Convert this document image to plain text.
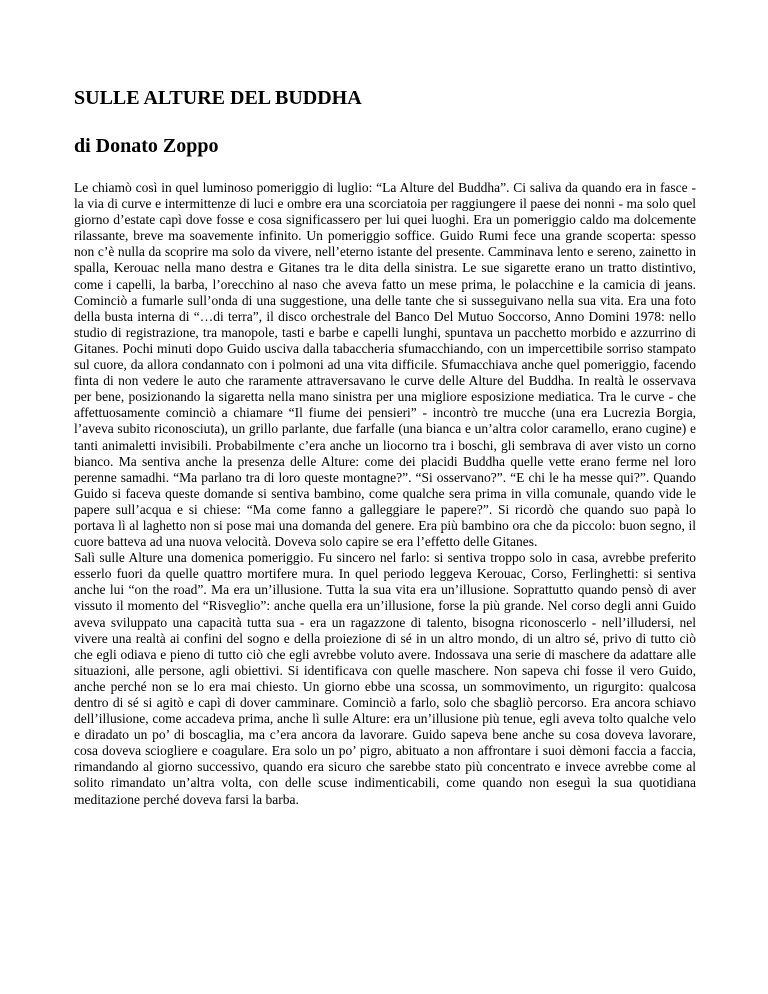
SULLE ALTURE DEL BUDDHA
di Donato Zoppo

Le chiamò così in quel luminoso pomeriggio di luglio: “La Alture del Buddha”. Ci saliva da quando era in fasce - la via di curve e intermittenze di luci e ombre era una scorciatoia per raggiungere il paese dei nonni - ma solo quel giorno d’estate capì dove fosse e cosa significassero per lui quei luoghi. Era un pomeriggio caldo ma dolcemente rilassante, breve ma soavemente infinito. Un pomeriggio soffice. Guido Rumi fece una grande scoperta: spesso non c’è nulla da scoprire ma solo da vivere, nell’eterno istante del presente. Camminava lento e sereno, zainetto in spalla, Kerouac nella mano destra e Gitanes tra le dita della sinistra. Le sue sigarette erano un tratto distintivo, come i capelli, la barba, l’orecchino al naso che aveva fatto un mese prima, le polacchine e la camicia di jeans. Cominciò a fumarle sull’onda di una suggestione, una delle tante che si susseguivano nella sua vita. Era una foto della busta interna di “…di terra”, il disco orchestrale del Banco Del Mutuo Soccorso, Anno Domini 1978: nello studio di registrazione, tra manopole, tasti e barbe e capelli lunghi, spuntava un pacchetto morbido e azzurrino di Gitanes. Pochi minuti dopo Guido usciva dalla tabaccheria sfumacchiando, con un impercettibile sorriso stampato sul cuore, da allora condannato con i polmoni ad una vita difficile. Sfumacchiava anche quel pomeriggio, facendo finta di non vedere le auto che raramente attraversavano le curve delle Alture del Buddha. In realtà le osservava per bene, posizionando la sigaretta nella mano sinistra per una migliore esposizione mediatica. Tra le curve - che affettuosamente cominciò a chiamare “Il fiume dei pensieri” - incontrò tre mucche (una era Lucrezia Borgia, l’aveva subito riconosciuta), un grillo parlante, due farfalle (una bianca e un’altra color caramello, erano cugine) e tanti animaletti invisibili. Probabilmente c’era anche un liocorno tra i boschi, gli sembrava di aver visto un corno bianco. Ma sentiva anche la presenza delle Alture: come dei placidi Buddha quelle vette erano ferme nel loro perenne samadhi. “Ma parlano tra di loro queste montagne?”. “Si osservano?”. “E chi le ha messe qui?”. Quando Guido si faceva queste domande si sentiva bambino, come qualche sera prima in villa comunale, quando vide le papere sull’acqua e si chiese: “Ma come fanno a galleggiare le papere?”. Si ricordò che quando suo papà lo portava lì al laghetto non si pose mai una domanda del genere. Era più bambino ora che da piccolo: buon segno, il cuore batteva ad una nuova velocità. Doveva solo capire se era l’effetto delle Gitanes.

Salì sulle Alture una domenica pomeriggio. Fu sincero nel farlo: si sentiva troppo solo in casa, avrebbe preferito esserlo fuori da quelle quattro mortifere mura. In quel periodo leggeva Kerouac, Corso, Ferlinghetti: si sentiva anche lui “on the road”. Ma era un’illusione. Tutta la sua vita era un’illusione. Soprattutto quando pensò di aver vissuto il momento del “Risveglio”: anche quella era un’illusione, forse la più grande. Nel corso degli anni Guido aveva sviluppato una capacità tutta sua - era un ragazzone di talento, bisogna riconoscerlo - nell’illudersi, nel vivere una realtà ai confini del sogno e della proiezione di sé in un altro mondo, di un altro sé, privo di tutto ciò che egli odiava e pieno di tutto ciò che egli avrebbe voluto avere. Indossava una serie di maschere da adattare alle situazioni, alle persone, agli obiettivi. Si identificava con quelle maschere. Non sapeva chi fosse il vero Guido, anche perché non se lo era mai chiesto. Un giorno ebbe una scossa, un sommovimento, un rigurgito: qualcosa dentro di sé si agitò e capì di dover camminare. Cominciò a farlo, solo che sbagliò percorso. Era ancora schiavo dell’illusione, come accadeva prima, anche lì sulle Alture: era un’illusione più tenue, egli aveva tolto qualche velo e diradato un po’ di boscaglia, ma c’era ancora da lavorare. Guido sapeva bene anche su cosa doveva lavorare, cosa doveva sciogliere e coagulare. Era solo un po’ pigro, abituato a non affrontare i suoi dèmoni faccia a faccia, rimandando al giorno successivo, quando era sicuro che sarebbe stato più concentrato e invece avrebbe come al solito rimandato un’altra volta, con delle scuse indimenticabili, come quando non eseguì la sua quotidiana meditazione perché doveva farsi la barba.
